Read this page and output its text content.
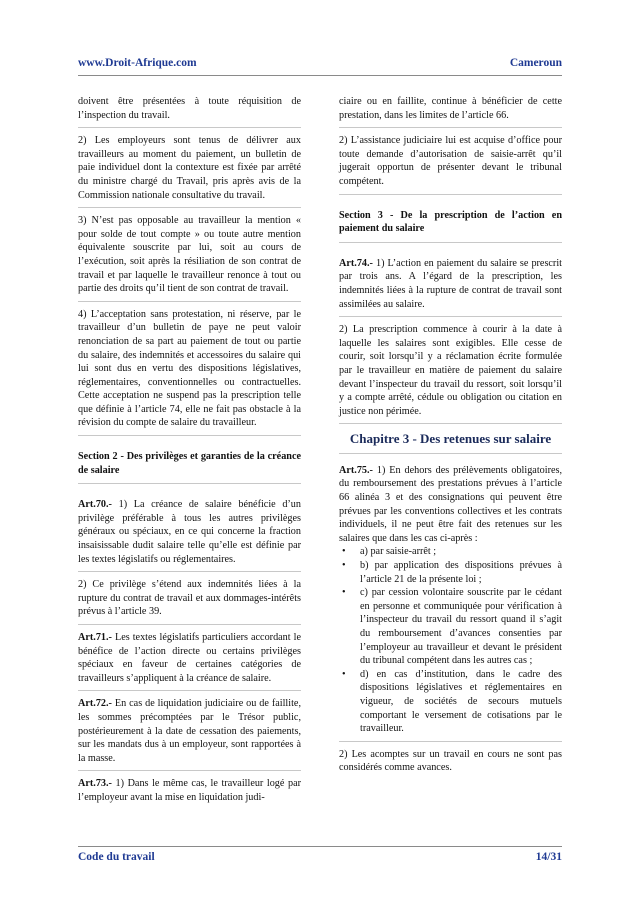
www.Droit-Afrique.com	Cameroun

doivent être présentées à toute réquisition de l’inspection du travail.

2) Les employeurs sont tenus de délivrer aux travailleurs au moment du paiement, un bulletin de paie individuel dont la contexture est fixée par arrêté du ministre chargé du Travail, pris après avis de la Commission nationale consultative du travail.

3) N’est pas opposable au travailleur la mention « pour solde de tout compte » ou toute autre mention équivalente souscrite par lui, soit au cours de l’exécution, soit après la résiliation de son contrat de travail et par laquelle le travailleur renonce à tout ou partie des droits qu’il tient de son contrat de travail.

4) L’acceptation sans protestation, ni réserve, par le travailleur d’un bulletin de paye ne peut valoir renonciation de sa part au paiement de tout ou partie du salaire, des indemnités et accessoires du salaire qui lui sont dus en vertu des dispositions législatives, réglementaires, conventionnelles ou contractuelles. Cette acceptation ne suspend pas la prescription telle que définie à l’article 74, elle ne fait pas obstacle à la révision du compte de salaire du travailleur.

Section 2 - Des privilèges et garanties de la créance de salaire

Art.70.- 1) La créance de salaire bénéficie d’un privilège préférable à tous les autres privilèges généraux ou spéciaux, en ce qui concerne la fraction insaisissable dudit salaire telle qu’elle est définie par les textes législatifs ou réglementaires.

2) Ce privilège s’étend aux indemnités liées à la rupture du contrat de travail et aux dommages-intérêts prévus à l’article 39.

Art.71.- Les textes législatifs particuliers accordant le bénéfice de l’action directe ou certains privilèges spéciaux en faveur de certaines catégories de travailleurs s’appliquent à la créance de salaire.

Art.72.- En cas de liquidation judiciaire ou de faillite, les sommes précomptées par le Trésor public, postérieurement à la date de cessation des paiements, sur les mandats dus à un employeur, sont rapportées à la masse.

Art.73.- 1) Dans le même cas, le travailleur logé par l’employeur avant la mise en liquidation judi-

ciaire ou en faillite, continue à bénéficier de cette prestation, dans les limites de l’article 66.

2) L’assistance judiciaire lui est acquise d’office pour toute demande d’autorisation de saisie-arrêt qu’il jugerait opportun de présenter devant le tribunal compétent.

Section 3 - De la prescription de l’action en paiement du salaire

Art.74.- 1) L’action en paiement du salaire se prescrit par trois ans. A l’égard de la prescription, les indemnités liées à la rupture de contrat de travail sont assimilées au salaire.

2) La prescription commence à courir à la date à laquelle les salaires sont exigibles. Elle cesse de courir, soit lorsqu’il y a réclamation écrite formulée par le travailleur en matière de paiement du salaire devant l’inspecteur du travail du ressort, soit lorsqu’il y a compte arrêté, cédule ou obligation ou citation en justice non périmée.

Chapitre 3 - Des retenues sur salaire

Art.75.- 1) En dehors des prélèvements obligatoires, du remboursement des prestations prévues à l’article 66 alinéa 3 et des consignations qui peuvent être prévues par les conventions collectives et les contrats individuels, il ne peut être fait des retenues sur les salaires que dans les cas ci-après :

• a) par saisie-arrêt ;
• b) par application des dispositions prévues à l’article 21 de la présente loi ;
• c) par cession volontaire souscrite par le cédant en personne et communiquée pour vérification à l’inspecteur du travail du ressort quand il s’agit du remboursement d’avances consenties par l’employeur au travailleur et devant le président du tribunal compétent dans les autres cas ;
• d) en cas d’institution, dans le cadre des dispositions législatives et réglementaires en vigueur, de sociétés de secours mutuels comportant le versement de cotisations par le travailleur.

2) Les acomptes sur un travail en cours ne sont pas considérés comme avances.

Code du travail	14/31
